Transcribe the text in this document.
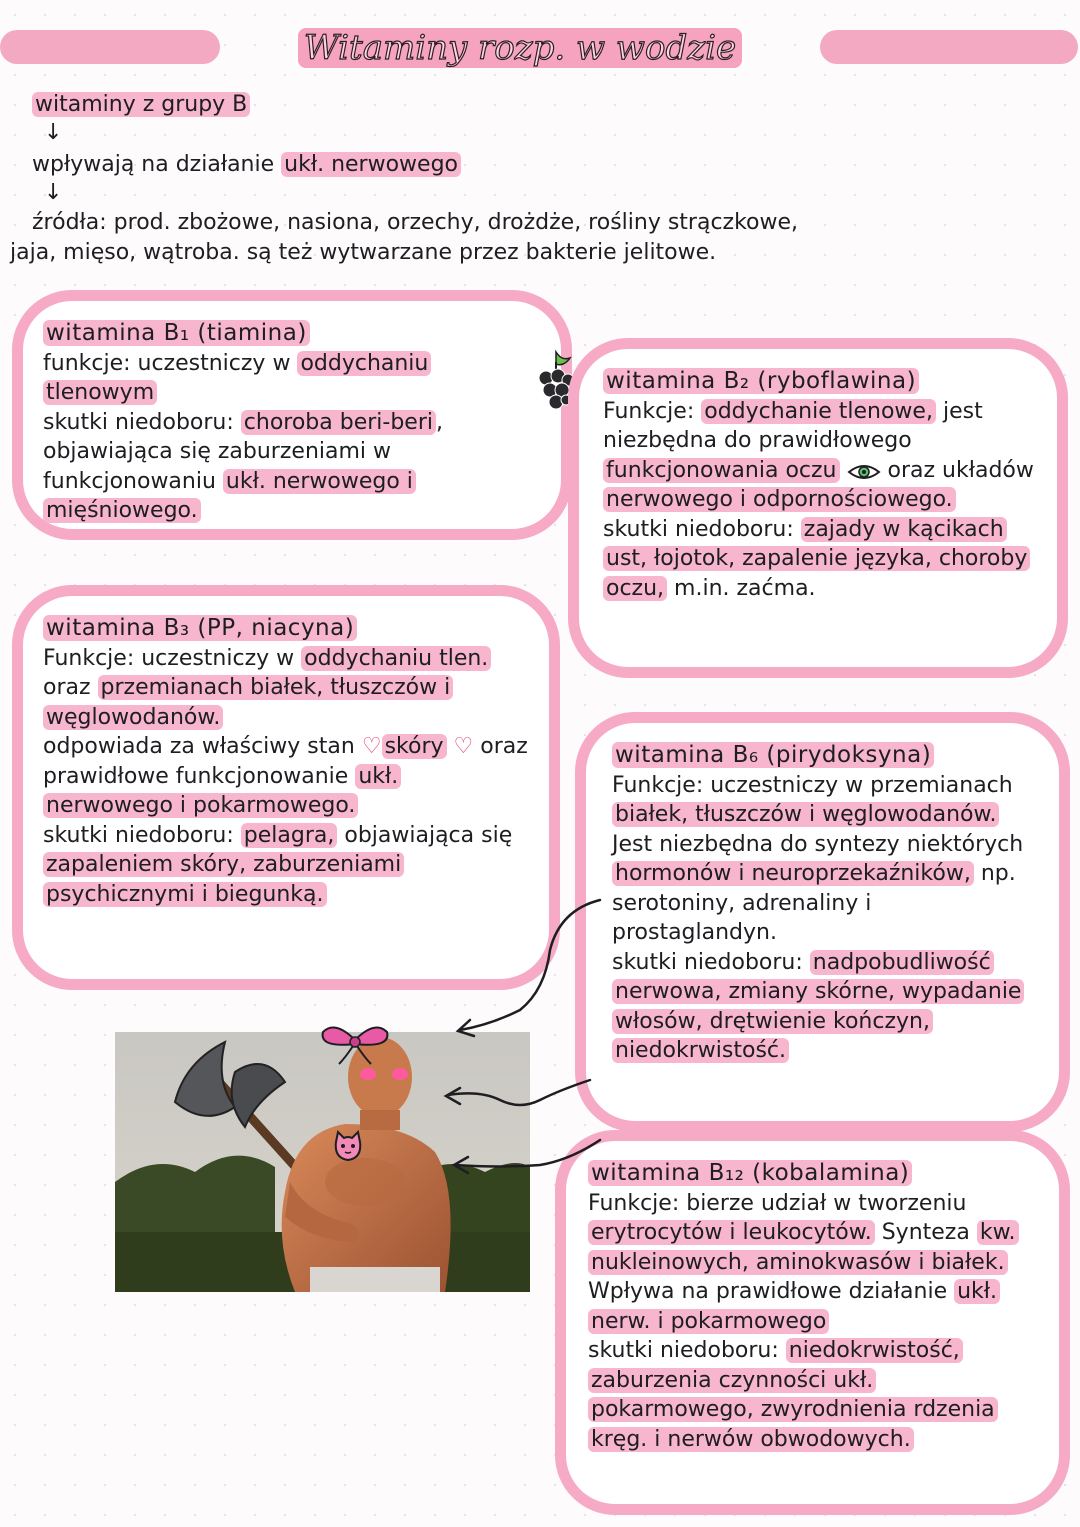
Witaminy rozp. w wodzie
witaminy z grupy B
↓
wpływają na działanie ukł. nerwowego
↓
źródła: prod. zbożowe, nasiona, orzechy, drożdże, rośliny strączkowe,
jaja, mięso, wątroba. są też wytwarzane przez bakterie jelitowe.

witamina B₁ (tiamina)

funkcje: uczestniczy w oddychaniu tlenowym

skutki niedoboru: choroba beri-beri , objawiająca się zaburzeniami w funkcjonowaniu ukł. nerwowego i mięśniowego.

witamina B₂ (ryboflawina)

Funkcje: oddychanie tlenowe, jest niezbędna do prawidłowego funkcjonowania oczu oraz układów nerwowego i odpornościowego.

skutki niedoboru: zajady w kącikach ust, łojotok, zapalenie języka, choroby oczu, m.in. zaćma.

witamina B₃ (PP, niacyna)

Funkcje: uczestniczy w oddychaniu tlen. oraz przemianach białek, tłuszczów i węglowodanów.

odpowiada za właściwy stan ♡ skóry ♡ oraz prawidłowe funkcjonowanie ukł. nerwowego i pokarmowego.

skutki niedoboru: pelagra, objawiająca się zapaleniem skóry, zaburzeniami psychicznymi i biegunką.

witamina B₆ (pirydoksyna)

Funkcje: uczestniczy w przemianach białek, tłuszczów i węglowodanów. Jest niezbędna do syntezy niektórych hormonów i neuroprzekaźników, np. serotoniny, adrenaliny i prostaglandyn.

skutki niedoboru: nadpobudliwość nerwowa, zmiany skórne, wypadanie włosów, drętwienie kończyn, niedokrwistość.

witamina B₁₂ (kobalamina)

Funkcje: bierze udział w tworzeniu erytrocytów i leukocytów. Synteza kw. nukleinowych, aminokwasów i białek. Wpływa na prawidłowe działanie ukł. nerw. i pokarmowego

skutki niedoboru: niedokrwistość, zaburzenia czynności ukł. pokarmowego, zwyrodnienia rdzenia kręg. i nerwów obwodowych.
